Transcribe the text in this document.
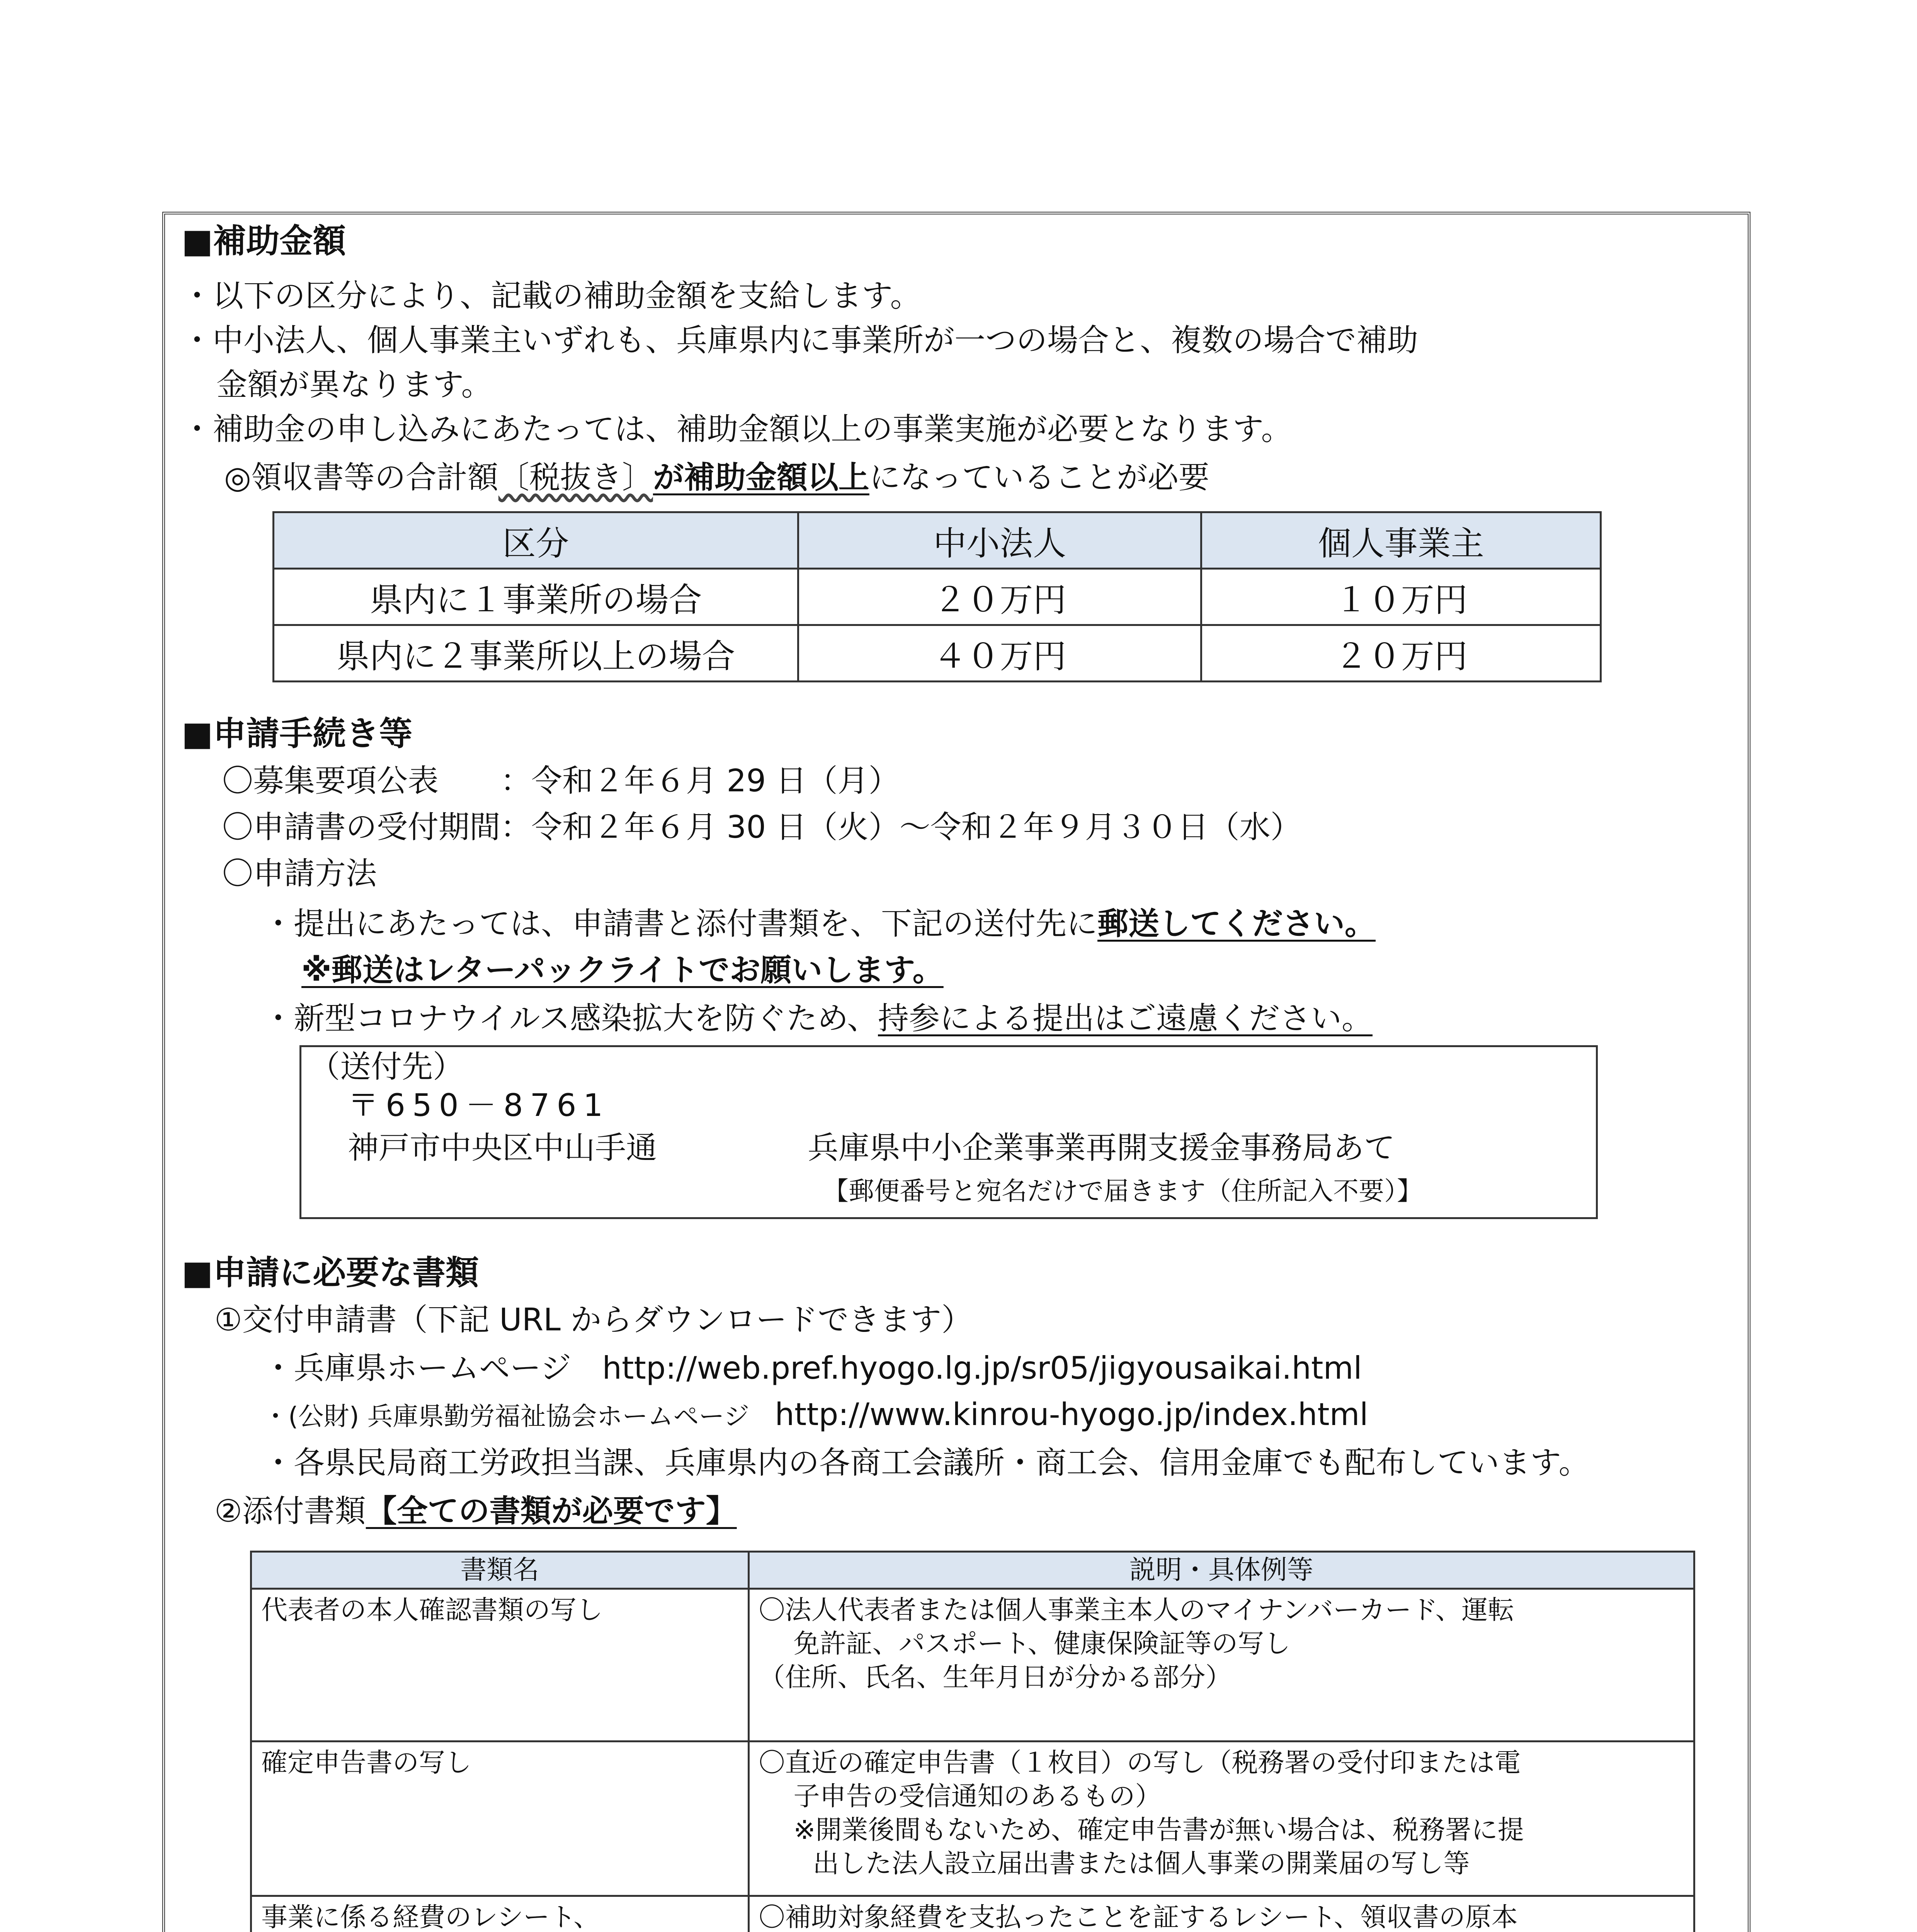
■補助金額
・以下の区分により、記載の補助金額を支給します。
・中小法人、個人事業主いずれも、兵庫県内に事業所が一つの場合と、複数の場合で補助
金額が異なります。
・補助金の申し込みにあたっては、補助金額以上の事業実施が必要となります。
◎領収書等の合計額〔税抜き〕が補助金額以上になっていることが必要
区分	中小法人	個人事業主
県内に１事業所の場合	２０万円	１０万円
県内に２事業所以上の場合	４０万円	２０万円
■申請手続き等
〇募集要項公表　　：令和２年６月 29 日（月）
〇申請書の受付期間：令和２年６月 30 日（火）～令和２年９月３０日（水）
〇申請方法
・提出にあたっては、申請書と添付書類を、下記の送付先に郵送してください。
※郵送はレターパックライトでお願いします。
・新型コロナウイルス感染拡大を防ぐため、持参による提出はご遠慮ください。
（送付先）
〒650－8761
神戸市中央区中山手通	兵庫県中小企業事業再開支援金事務局あて
【郵便番号と宛名だけで届きます（住所記入不要）】
■申請に必要な書類
①交付申請書（下記 URL からダウンロードできます）
・兵庫県ホームページ　http://web.pref.hyogo.lg.jp/sr05/jigyousaikai.html
・(公財) 兵庫県勤労福祉協会ホームページ　http://www.kinrou-hyogo.jp/index.html
・各県民局商工労政担当課、兵庫県内の各商工会議所・商工会、信用金庫でも配布しています。
②添付書類【全ての書類が必要です】
書類名	説明・具体例等

代表者の本人確認書類の写し	〇法人代表者または個人事業主本人のマイナンバーカード、運転
免許証、パスポート、健康保険証等の写し
（住所、氏名、生年月日が分かる部分）

確定申告書の写し	〇直近の確定申告書（１枚目）の写し（税務署の受付印または電
子申告の受信通知のあるもの）
※開業後間もないため、確定申告書が無い場合は、税務署に提
出した法人設立届出書または個人事業の開業届の写し等

事業に係る経費のレシート、	〇補助対象経費を支払ったことを証するレシート、領収書の原本
